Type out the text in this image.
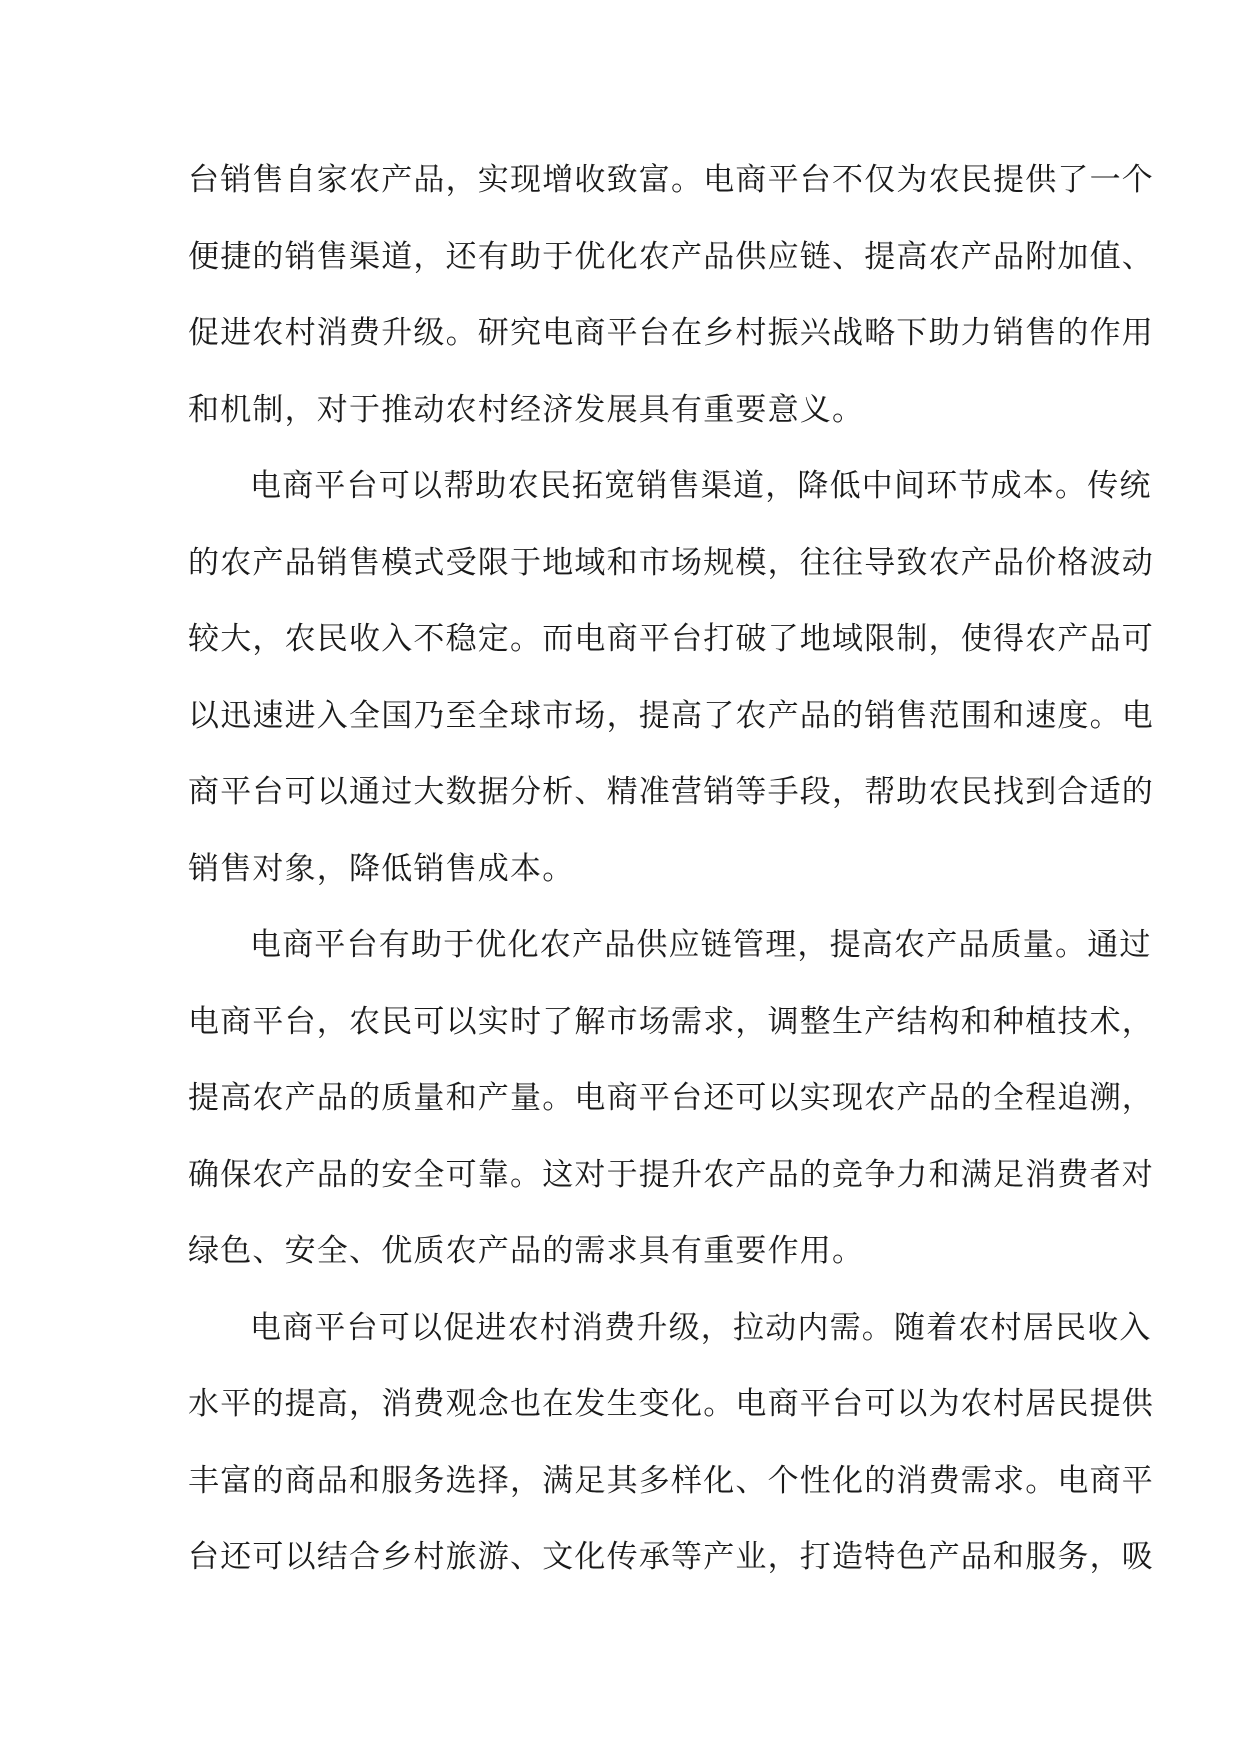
台销售自家农产品，实现增收致富。电商平台不仅为农民提供了一个
便捷的销售渠道，还有助于优化农产品供应链、提高农产品附加值、
促进农村消费升级。研究电商平台在乡村振兴战略下助力销售的作用
和机制，对于推动农村经济发展具有重要意义。

电商平台可以帮助农民拓宽销售渠道，降低中间环节成本。传统
的农产品销售模式受限于地域和市场规模，往往导致农产品价格波动
较大，农民收入不稳定。而电商平台打破了地域限制，使得农产品可
以迅速进入全国乃至全球市场，提高了农产品的销售范围和速度。电
商平台可以通过大数据分析、精准营销等手段，帮助农民找到合适的
销售对象，降低销售成本。

电商平台有助于优化农产品供应链管理，提高农产品质量。通过
电商平台，农民可以实时了解市场需求，调整生产结构和种植技术，
提高农产品的质量和产量。电商平台还可以实现农产品的全程追溯，
确保农产品的安全可靠。这对于提升农产品的竞争力和满足消费者对
绿色、安全、优质农产品的需求具有重要作用。

电商平台可以促进农村消费升级，拉动内需。随着农村居民收入
水平的提高，消费观念也在发生变化。电商平台可以为农村居民提供
丰富的商品和服务选择，满足其多样化、个性化的消费需求。电商平
台还可以结合乡村旅游、文化传承等产业，打造特色产品和服务，吸
